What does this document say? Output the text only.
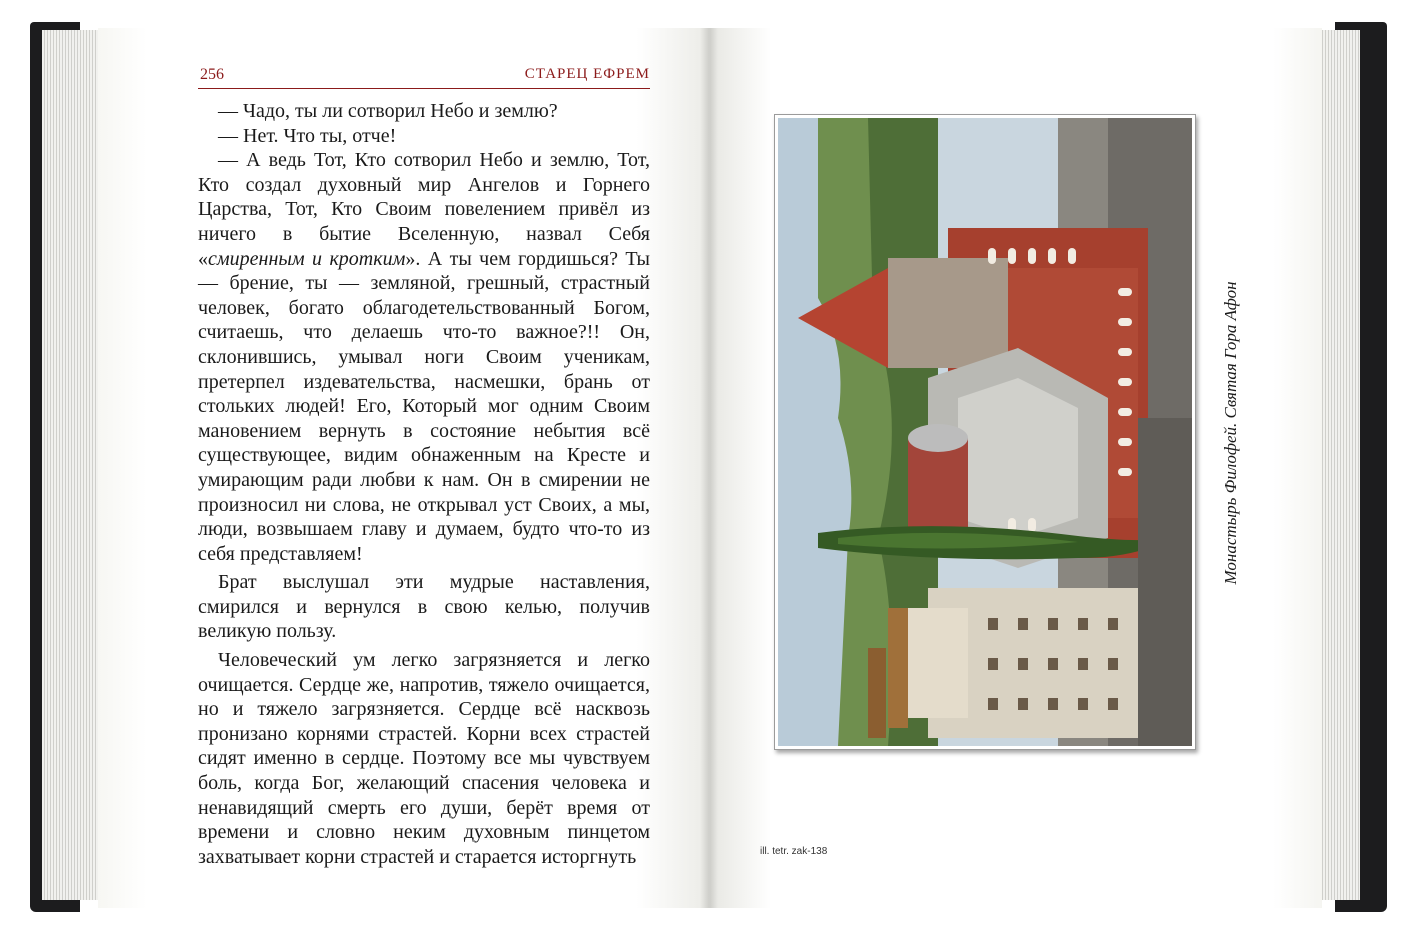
256	СТАРЕЦ ЕФРЕМ

— Чадо, ты ли сотворил Небо и землю?

— Нет. Что ты, отче!

— А ведь Тот, Кто сотворил Небо и землю, Тот, Кто создал духовный мир Ангелов и Горнего Царства, Тот, Кто Своим повелением привёл из ничего в бытие Вселенную, назвал Себя «смиренным и кротким». А ты чем гордишься? Ты — брение, ты — земляной, грешный, страстный человек, богато облагодетельствованный Богом, считаешь, что делаешь что-то важное?!! Он, склонившись, умывал ноги Своим ученикам, претерпел издевательства, насмешки, брань от стольких людей! Его, Который мог одним Своим мановением вернуть в состояние небытия всё существующее, видим обнаженным на Кресте и умирающим ради любви к нам. Он в смирении не произносил ни слова, не открывал уст Своих, а мы, люди, возвышаем главу и думаем, будто что-то из себя представляем!

Брат выслушал эти мудрые наставления, смирился и вернулся в свою келью, получив великую пользу.

Человеческий ум легко загрязняется и легко очищается. Сердце же, напротив, тяжело очищается, но и тяжело загрязняется. Сердце всё насквозь пронизано корнями страстей. Корни всех страстей сидят именно в сердце. Поэтому все мы чувствуем боль, когда Бог, желающий спасения человека и ненавидящий смерть его души, берёт время от времени и словно неким духовным пинцетом захватывает корни страстей и старается исторгнуть

Монастырь Филофей. Святая Гора Афон
ill. tetr. zak-138
